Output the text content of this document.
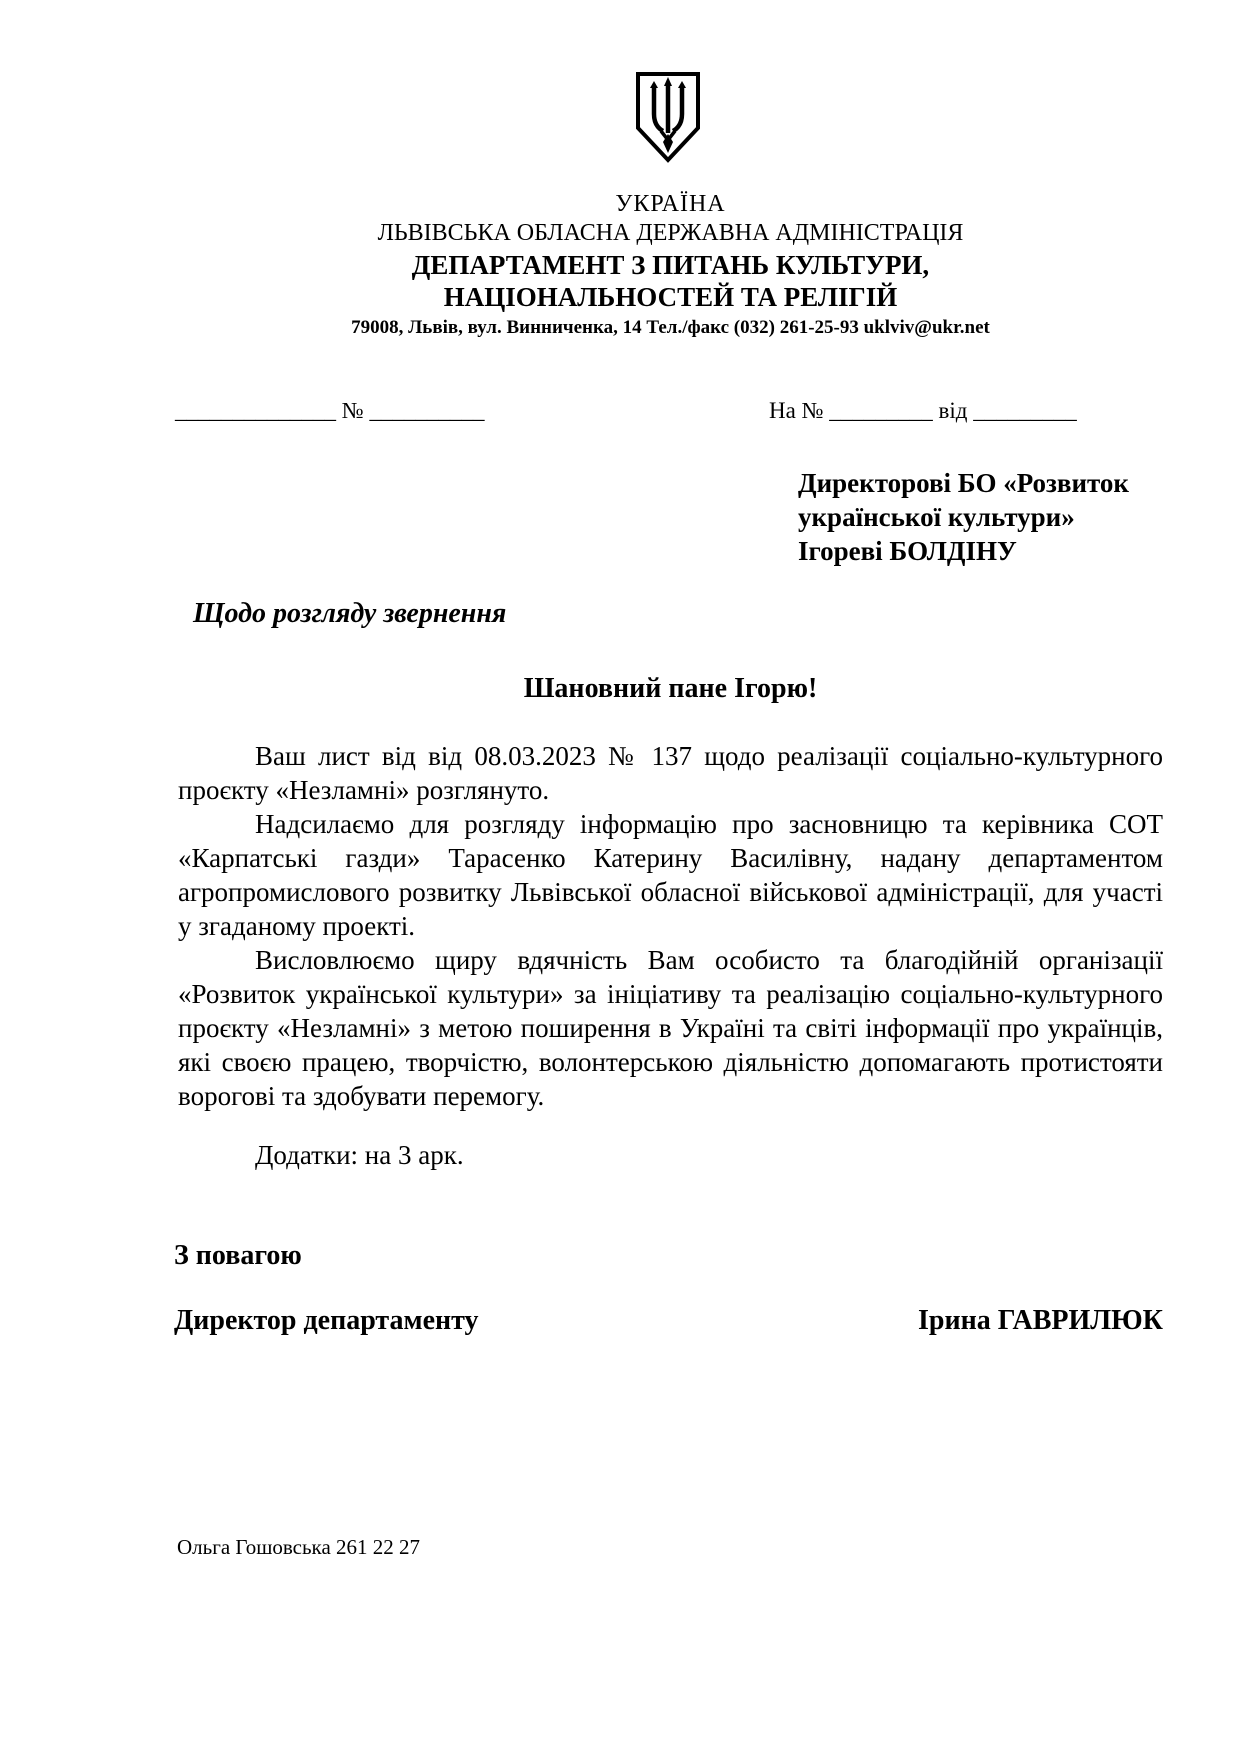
УКРАЇНА
ЛЬВІВСЬКА ОБЛАСНА ДЕРЖАВНА АДМІНІСТРАЦІЯ
ДЕПАРТАМЕНТ З ПИТАНЬ КУЛЬТУРИ,
НАЦІОНАЛЬНОСТЕЙ ТА РЕЛІГІЙ
79008, Львів, вул. Винниченка, 14 Тел./факс (032) 261-25-93 uklviv@ukr.net
______________ № __________	На № _________ від _________
Директорові БО «Розвиток
української культури»
Ігореві БОЛДІНУ
Щодо розгляду звернення
Шановний пане Ігорю!

Ваш лист від від 08.03.2023 № 137 щодо реалізації соціально-культурного проєкту «Незламні» розглянуто.

Надсилаємо для розгляду інформацію про засновницю та керівника СОТ «Карпатські газди» Тарасенко Катерину Василівну, надану департаментом агропромислового розвитку Львівської обласної військової адміністрації, для участі у згаданому проекті.

Висловлюємо щиру вдячність Вам особисто та благодійній організації «Розвиток української культури» за ініціативу та реалізацію соціально-культурного проєкту «Незламні» з метою поширення в Україні та світі інформації про українців, які своєю працею, творчістю, волонтерською діяльністю допомагають протистояти ворогові та здобувати перемогу.

Додатки: на 3 арк.
З повагою
Директор департаменту	Ірина ГАВРИЛЮК
Ольга Гошовська 261 22 27
